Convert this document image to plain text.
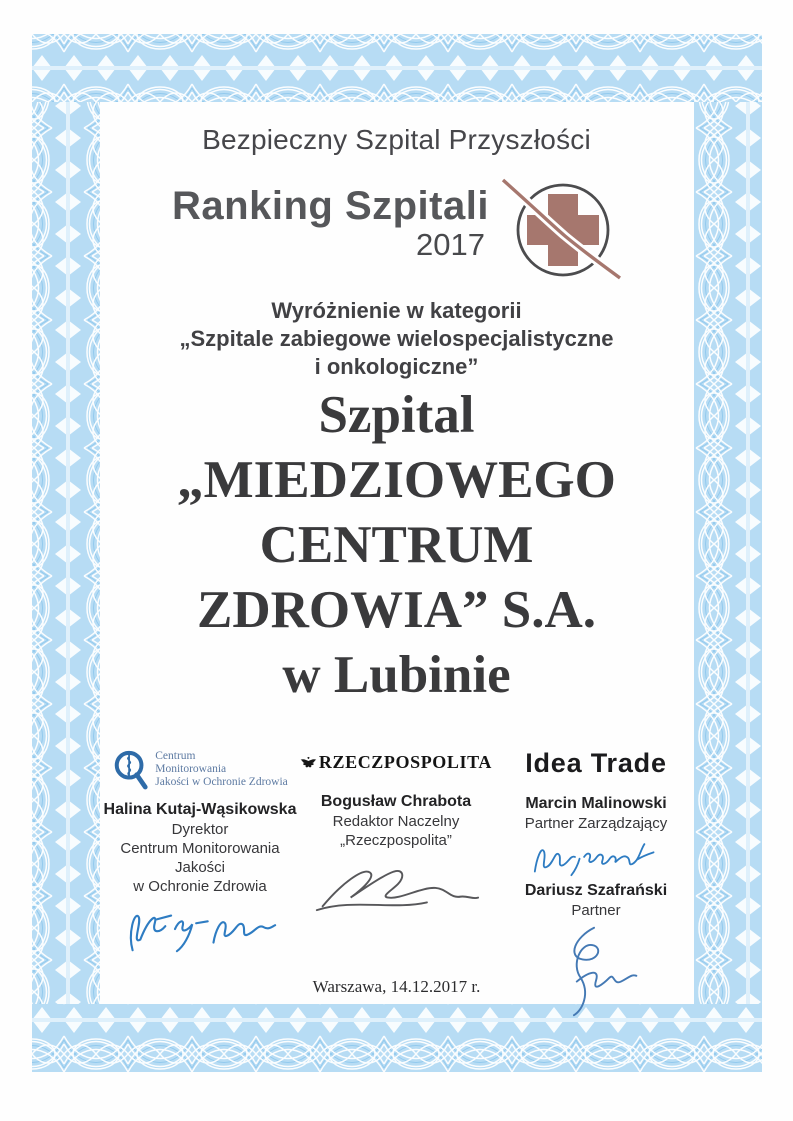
Bezpieczny Szpital Przyszłości
Ranking Szpitali
2017
Wyróżnienie w kategorii
„Szpitale zabiegowe wielospecjalistyczne
i onkologiczne”
Szpital
„MIEDZIOWEGO
CENTRUM
ZDROWIA” S.A.
w Lubinie
Centrum
Monitorowania
Jakości w Ochronie Zdrowia
Halina Kutaj-Wąsikowska
Dyrektor
Centrum Monitorowania Jakości
w Ochronie Zdrowia
RZECZPOSPOLITA
Bogusław Chrabota
Redaktor Naczelny
„Rzeczpospolita”
Idea Trade
Marcin Malinowski
Partner Zarządzający
Dariusz Szafrański
Partner
Warszawa, 14.12.2017 r.
